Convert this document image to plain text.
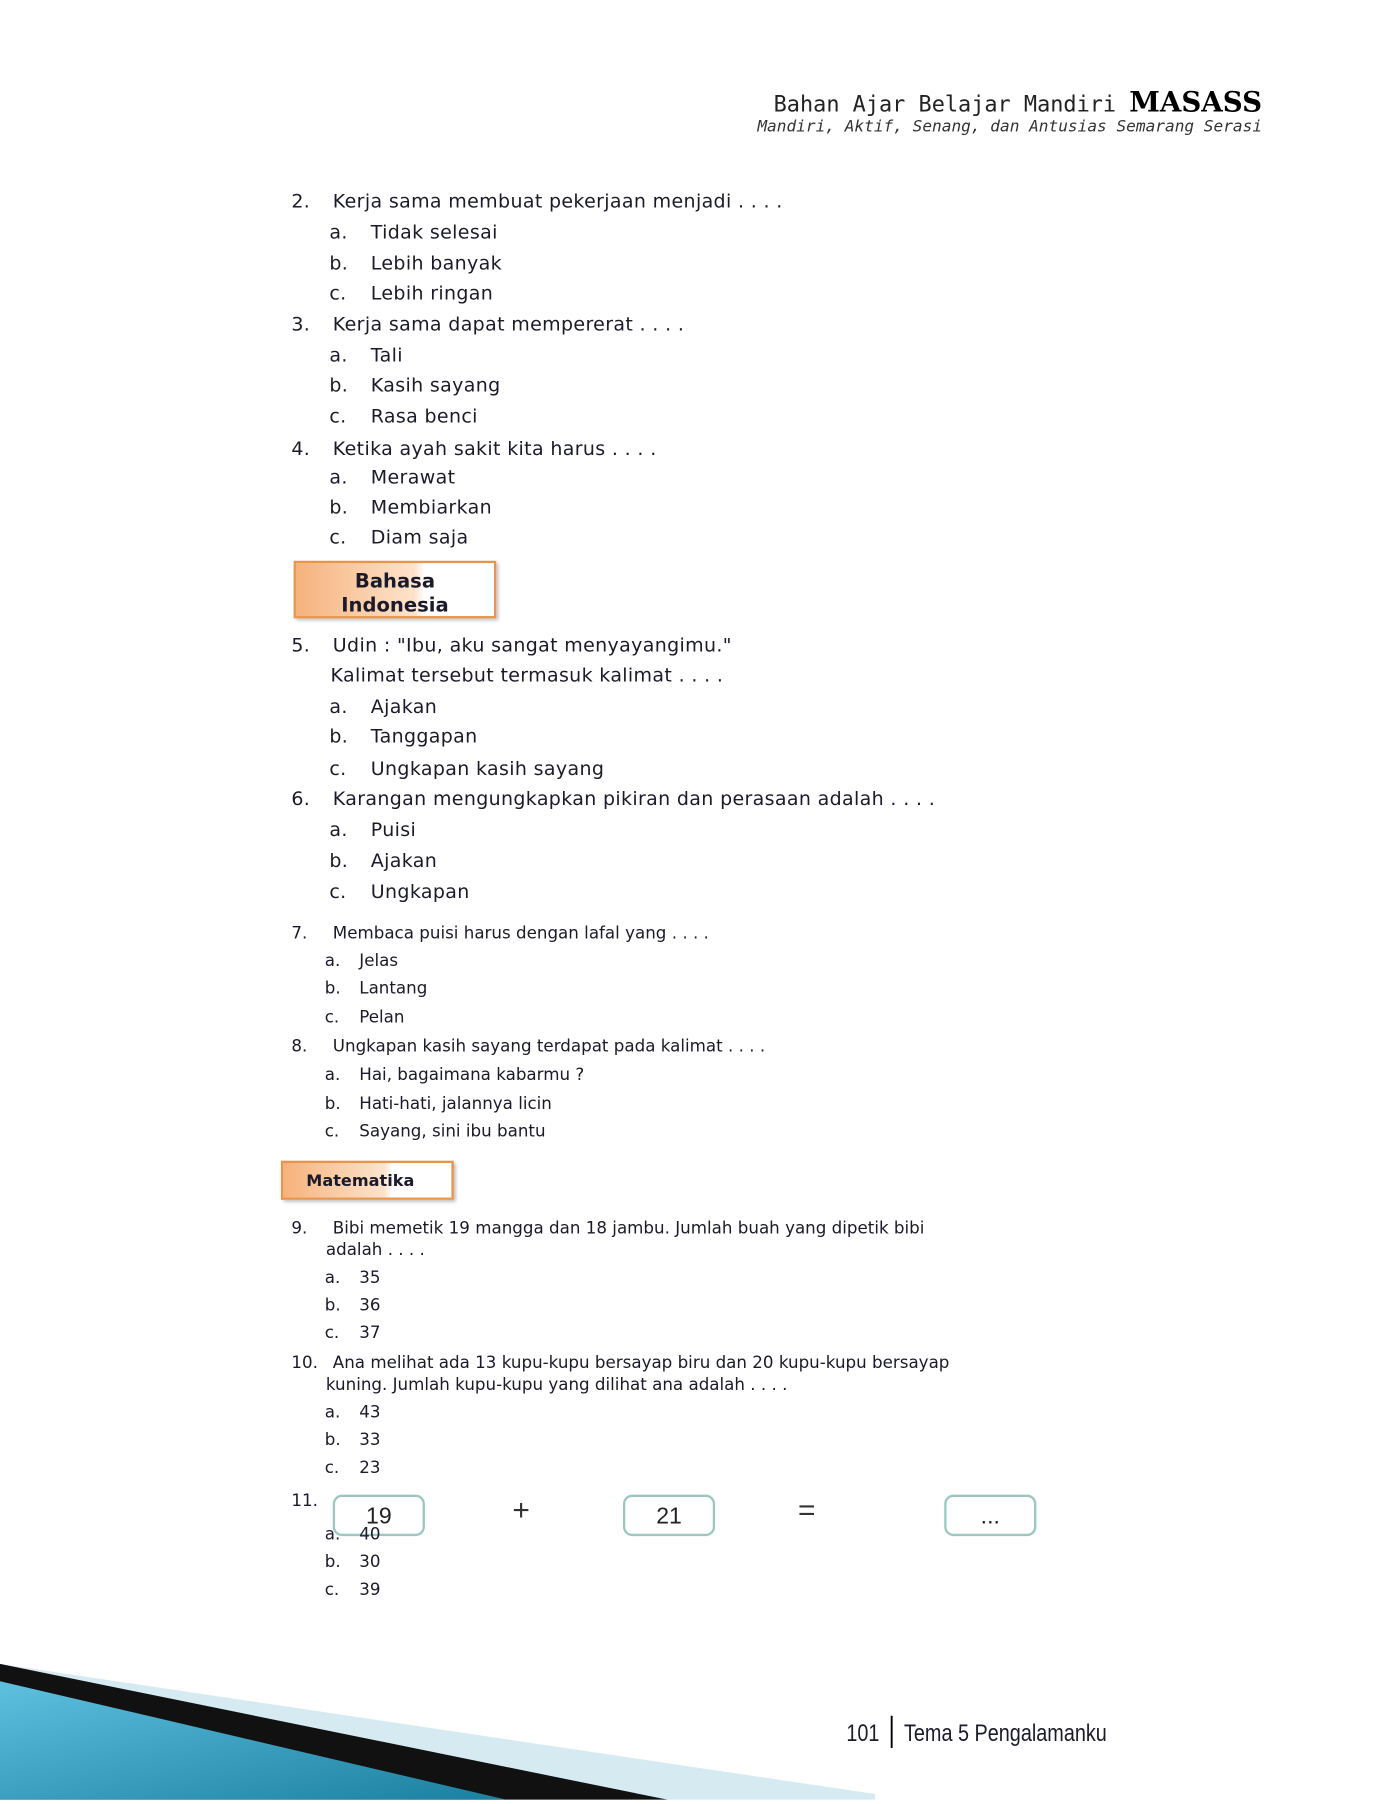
Bahan Ajar Belajar Mandiri MASASS
Mandiri, Aktif, Senang, dan Antusias Semarang Serasi
2. Kerja sama membuat pekerjaan menjadi . . . .
a. Tidak selesai
b. Lebih banyak
c. Lebih ringan
3. Kerja sama dapat mempererat . . . .
a. Tali
b. Kasih sayang
c. Rasa benci
4. Ketika ayah sakit kita harus . . . .
a. Merawat
b. Membiarkan
c. Diam saja
5. Udin : "Ibu, aku sangat menyayangimu."
Kalimat tersebut termasuk kalimat . . . .
a. Ajakan
b. Tanggapan
c. Ungkapan kasih sayang
6. Karangan mengungkapkan pikiran dan perasaan adalah . . . .
a. Puisi
b. Ajakan
c. Ungkapan
7. Membaca puisi harus dengan lafal yang . . . .
a. Jelas
b. Lantang
c. Pelan
8. Ungkapan kasih sayang terdapat pada kalimat . . . .
a. Hai, bagaimana kabarmu ?
b. Hati-hati, jalannya licin
c. Sayang, sini ibu bantu
9. Bibi memetik 19 mangga dan 18 jambu. Jumlah buah yang dipetik bibi
adalah . . . .
a. 35
b. 36
c. 37
10. Ana melihat ada 13 kupu-kupu bersayap biru dan 20 kupu-kupu bersayap
kuning. Jumlah kupu-kupu yang dilihat ana adalah . . . .
a. 43
b. 33
c. 23
11.
19	+	21	=	...
a. 40
b. 30
c. 39
Bahasa
Indonesia
Matematika
101 Tema 5 Pengalamanku
